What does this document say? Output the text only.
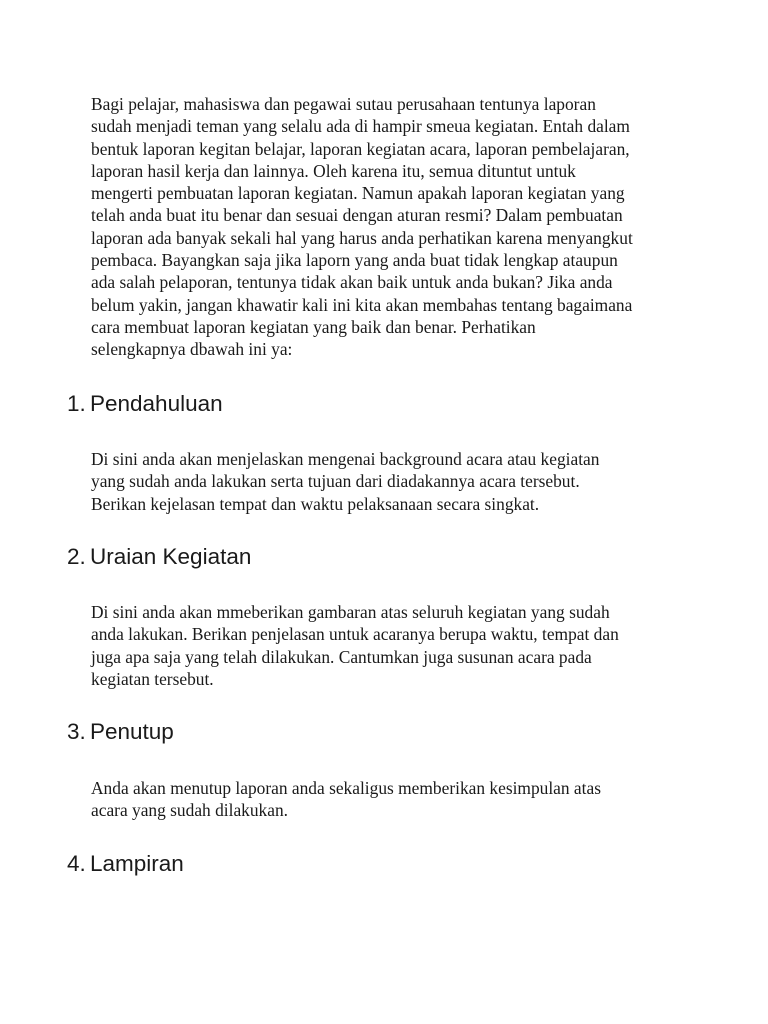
Bagi pelajar, mahasiswa dan pegawai sutau perusahaan tentunya laporan
sudah menjadi teman yang selalu ada di hampir smeua kegiatan. Entah dalam
bentuk laporan kegitan belajar, laporan kegiatan acara, laporan pembelajaran,
laporan hasil kerja dan lainnya. Oleh karena itu, semua dituntut untuk
mengerti pembuatan laporan kegiatan. Namun apakah laporan kegiatan yang
telah anda buat itu benar dan sesuai dengan aturan resmi? Dalam pembuatan
laporan ada banyak sekali hal yang harus anda perhatikan karena menyangkut
pembaca. Bayangkan saja jika laporn yang anda buat tidak lengkap ataupun
ada salah pelaporan, tentunya tidak akan baik untuk anda bukan? Jika anda
belum yakin, jangan khawatir kali ini kita akan membahas tentang bagaimana
cara membuat laporan kegiatan yang baik dan benar. Perhatikan
selengkapnya dbawah ini ya:

1. Pendahuluan

Di sini anda akan menjelaskan mengenai background acara atau kegiatan
yang sudah anda lakukan serta tujuan dari diadakannya acara tersebut.
Berikan kejelasan tempat dan waktu pelaksanaan secara singkat.

2. Uraian Kegiatan

Di sini anda akan mmeberikan gambaran atas seluruh kegiatan yang sudah
anda lakukan. Berikan penjelasan untuk acaranya berupa waktu, tempat dan
juga apa saja yang telah dilakukan. Cantumkan juga susunan acara pada
kegiatan tersebut.

3. Penutup

Anda akan menutup laporan anda sekaligus memberikan kesimpulan atas
acara yang sudah dilakukan.

4. Lampiran
